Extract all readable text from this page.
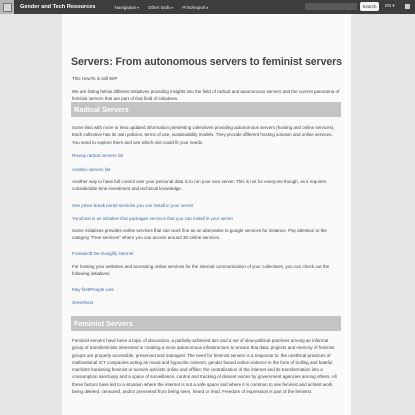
Gender and Tech Resources	Navigation▾ Other tools▾ Print/export▾	Search	EN ▾
Servers: From autonomous servers to feminist servers

This HowTo is still WIP

We are listing below different initiatives providing insights into the field of radical and autonomous servers and the current panorama of feminist servers that are part of that field of initiatives.

Radical Servers

Some lists with more or less updated information presenting collectives providing autonomous servers (hosting and online services). Each collective has its own policies, terms of use, sustainability models. They provide different hosting solution and online services. You need to explore them and see which one could fit your needs.

Riseup radical servers list

Autistici servers list

Another way to have full control over your personal data is to run your own server. This is not for everyone though, as it requires considerable time investment and technical knowledge.

See prism-break portal services you can install in your server

Yunohost is an initiative that packages services that you can install in your server

Some initiatives provides online services that can work fine as an alternative to google services for instance. Pay attention to the category "Free services" where you can access around 30 online services.

Framasoft De-Googlify internet

For hosting your websites and accessing online services for the internal communication of your collectives, you can check out the following initiatives:

May first/People Link

Greenhost

Feminist Servers

Feminist servers have been a topic of discussion, a partially-achieved aim and a set of slow-political practices among an informal group of transfeminists interested in creating a more autonomous infrastructure to ensure that data, projects and memory of feminist groups are properly accessible, preserved and managed. The need for feminist servers is a response to: the unethical practices of multinational ICT companies acting as moral and hypocrite censors; gender based online violence in the form of trolling and hateful machists harassing feminist or women activists online and offline; the centralization of the internet and its transformation into a consumption sanctuary and a space of surveillance, control and tracking of dissent voices by government agencies among others. All these factors have led to a situation where the internet is not a safe space and where it is common to see feminist and activist work being deleted, censored, and/or prevented from being seen, heard or read. Freedom of expression is part of the feminist
